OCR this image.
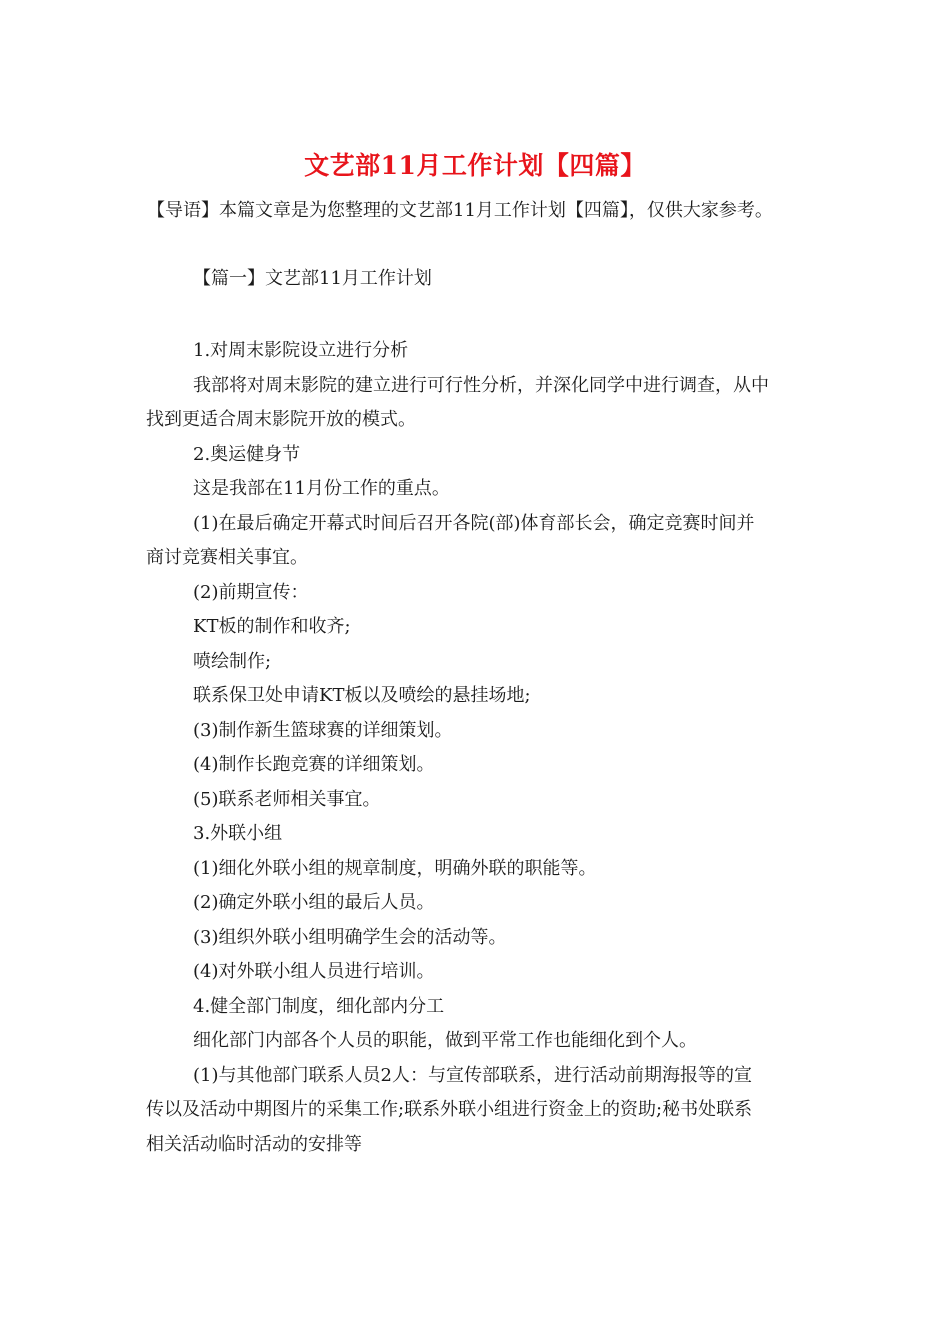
文艺部11月工作计划【四篇】
【导语】本篇文章是为您整理的文艺部11月工作计划【四篇】，仅供大家参考。
【篇一】文艺部11月工作计划
1.对周末影院设立进行分析
我部将对周末影院的建立进行可行性分析，并深化同学中进行调查，从中
找到更适合周末影院开放的模式。
2.奥运健身节
这是我部在11月份工作的重点。
(1)在最后确定开幕式时间后召开各院(部)体育部长会，确定竞赛时间并
商讨竞赛相关事宜。
(2)前期宣传：
KT板的制作和收齐;
喷绘制作;
联系保卫处申请KT板以及喷绘的悬挂场地;
(3)制作新生篮球赛的详细策划。
(4)制作长跑竞赛的详细策划。
(5)联系老师相关事宜。
3.外联小组
(1)细化外联小组的规章制度，明确外联的职能等。
(2)确定外联小组的最后人员。
(3)组织外联小组明确学生会的活动等。
(4)对外联小组人员进行培训。
4.健全部门制度，细化部内分工
细化部门内部各个人员的职能，做到平常工作也能细化到个人。
(1)与其他部门联系人员2人：与宣传部联系，进行活动前期海报等的宣
传以及活动中期图片的采集工作;联系外联小组进行资金上的资助;秘书处联系
相关活动临时活动的安排等
